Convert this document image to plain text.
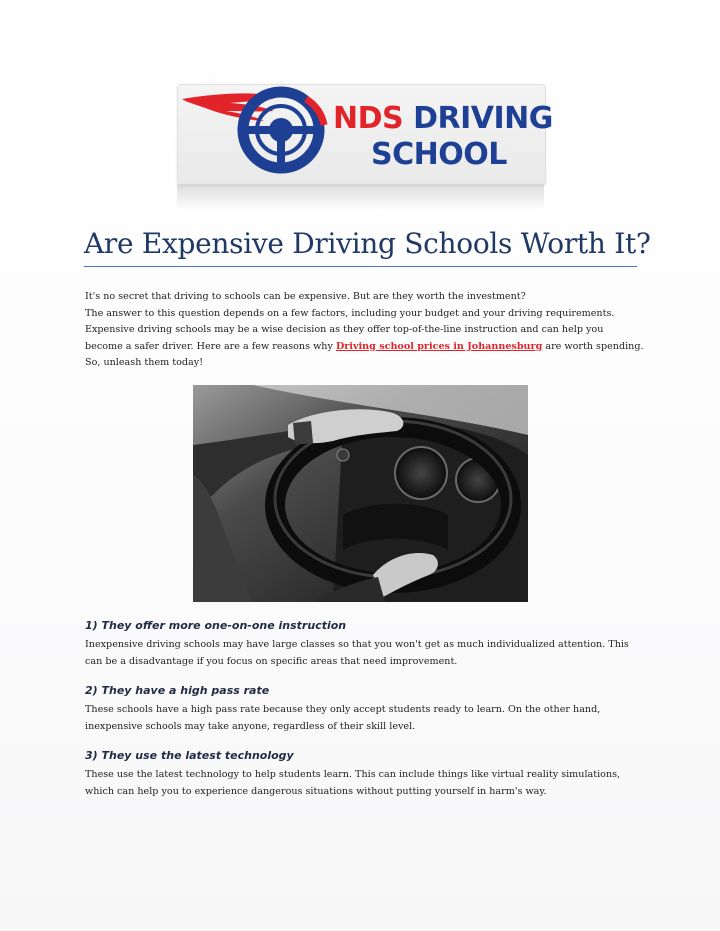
NDS DRIVING
SCHOOL
Are Expensive Driving Schools Worth It?

It's no secret that driving to schools can be expensive. But are they worth the investment?

The answer to this question depends on a few factors, including your budget and your driving requirements.

Expensive driving schools may be a wise decision as they offer top-of-the-line instruction and can help you

become a safer driver. Here are a few reasons why Driving school prices in Johannesburg are worth spending.

So, unleash them today!

1) They offer more one-on-one instruction

Inexpensive driving schools may have large classes so that you won't get as much individualized attention. This

can be a disadvantage if you focus on specific areas that need improvement.

2) They have a high pass rate

These schools have a high pass rate because they only accept students ready to learn. On the other hand,

inexpensive schools may take anyone, regardless of their skill level.

3) They use the latest technology

These use the latest technology to help students learn. This can include things like virtual reality simulations,

which can help you to experience dangerous situations without putting yourself in harm's way.
